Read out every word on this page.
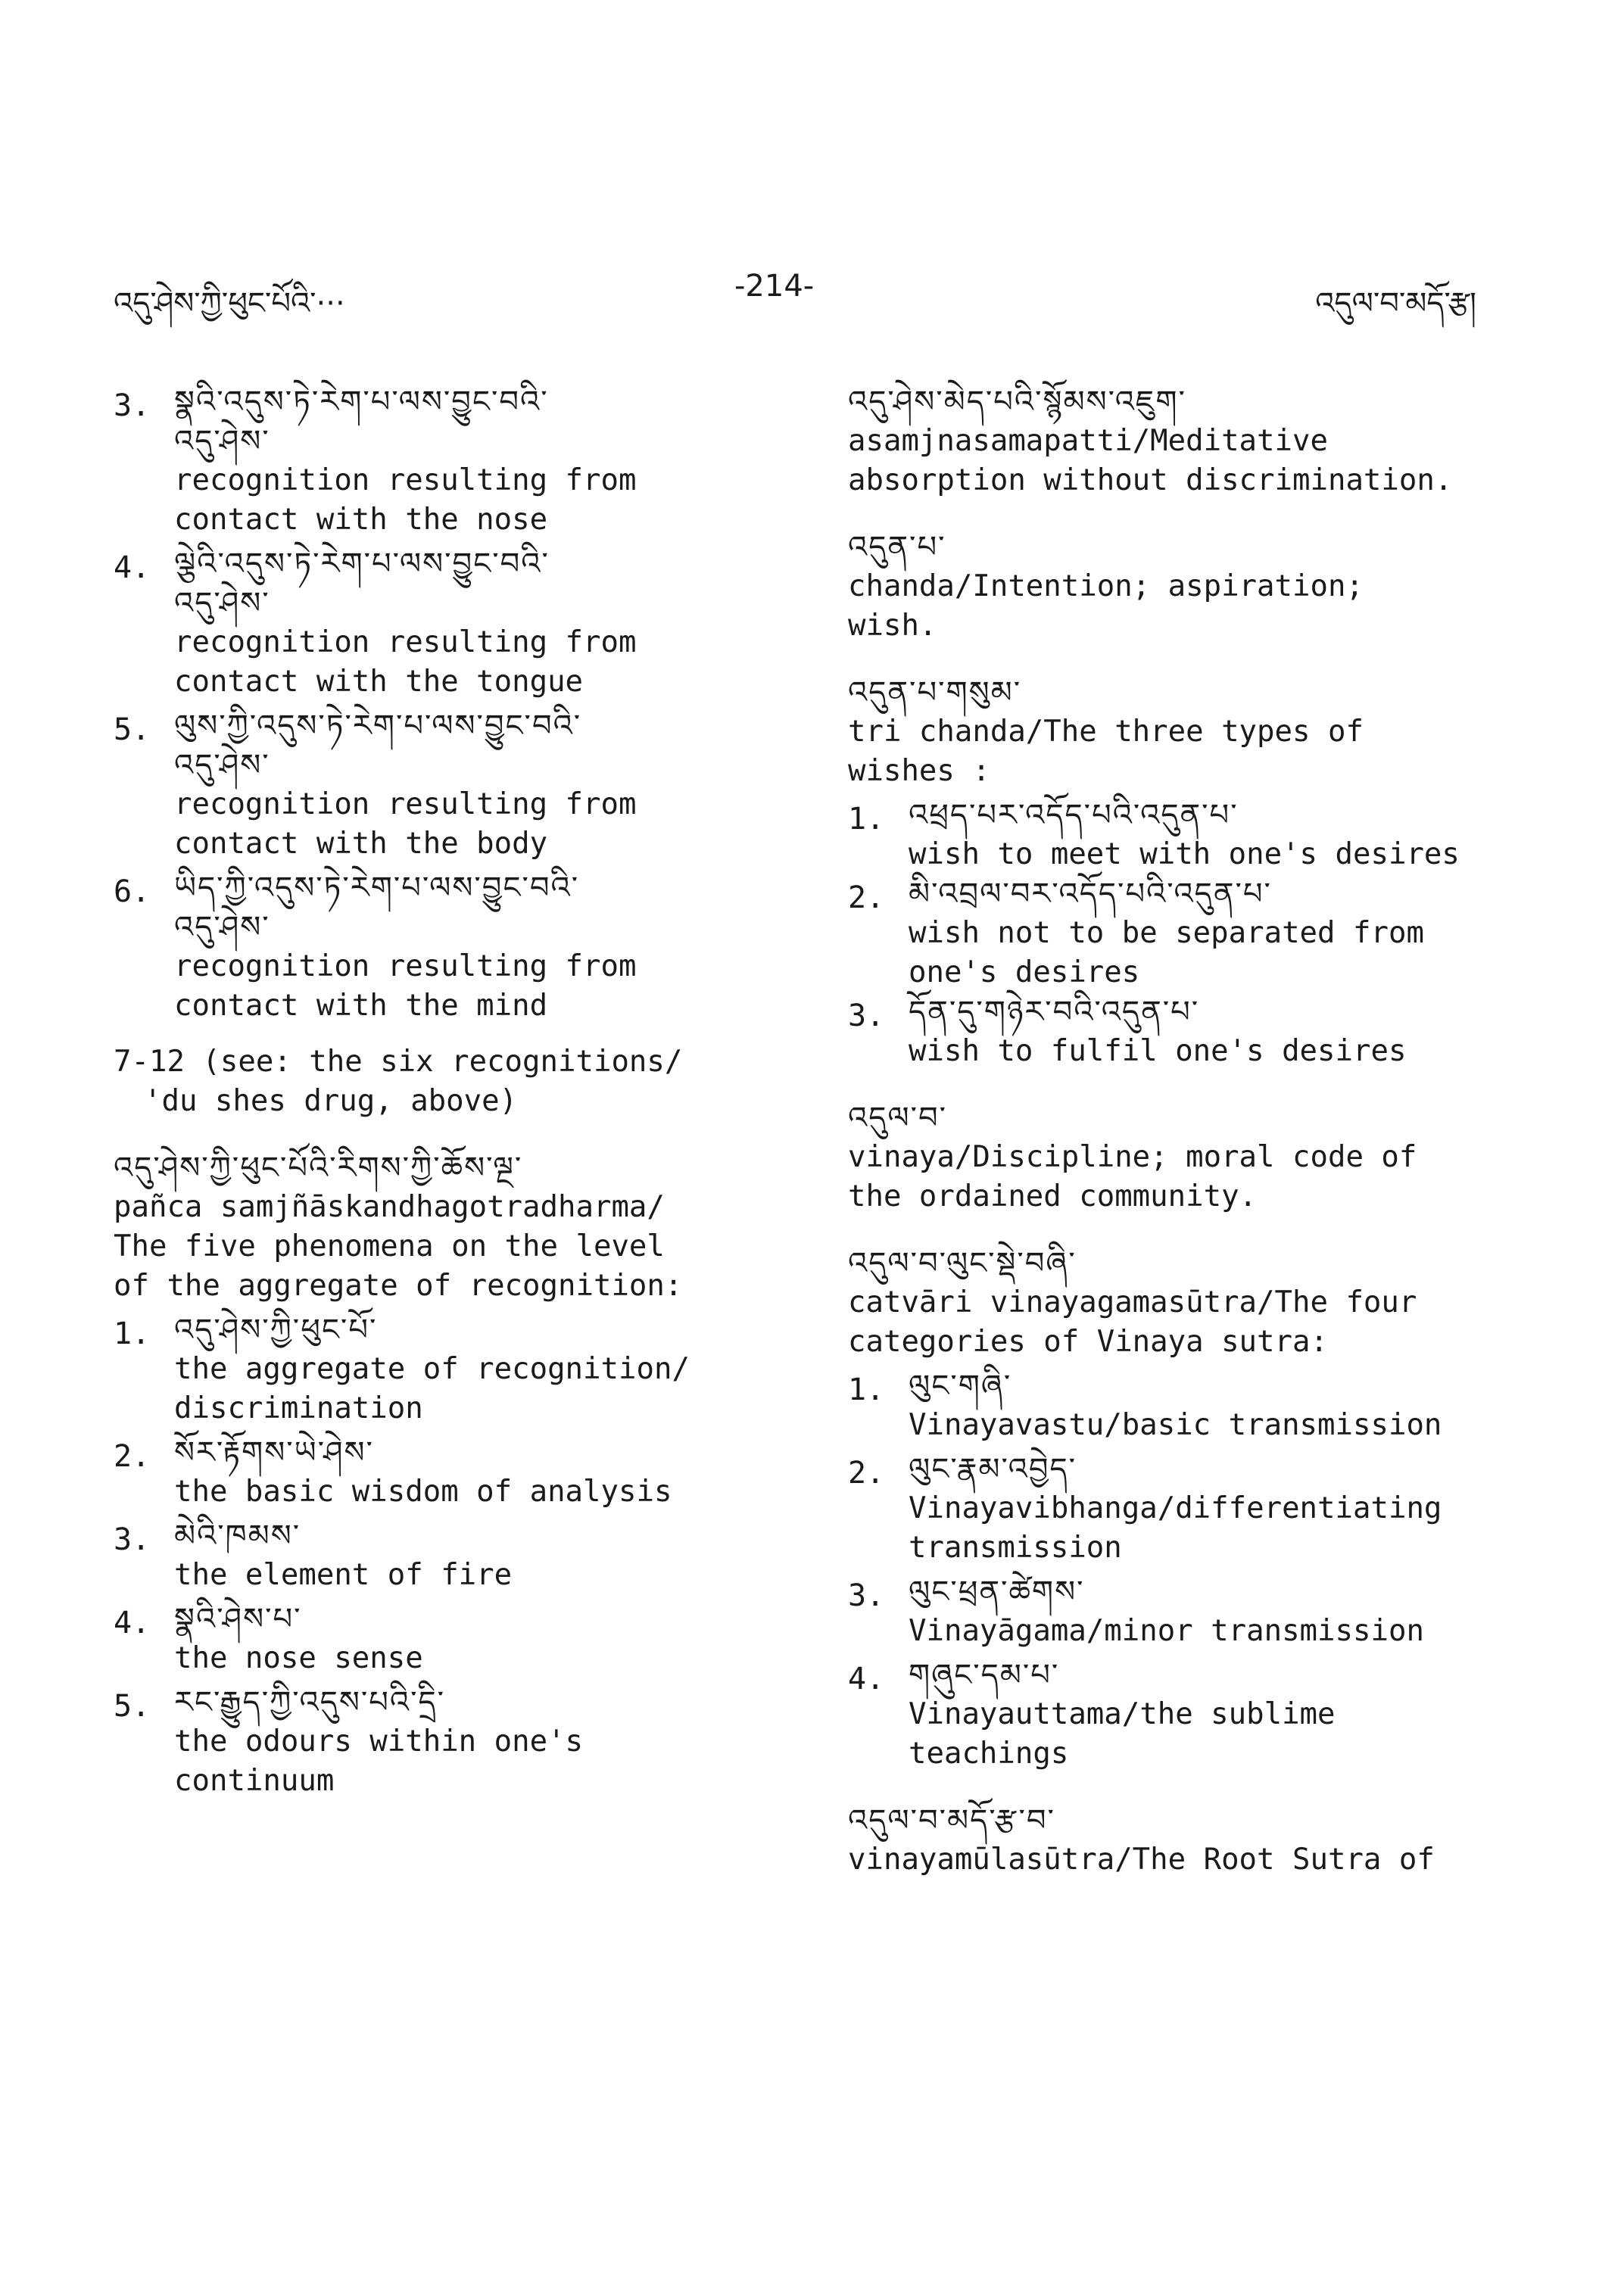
འདུ་ཤེས་ཀྱི་ཕུང་པོའི་···	-214-	འདུལ་བ་མདོ་རྩ།
3. སྣའི་འདུས་ཏེ་རེག་པ་ལས་བྱུང་བའི་
འདུ་ཤེས་
recognition resulting from
contact with the nose
4. ལྕེའི་འདུས་ཏེ་རེག་པ་ལས་བྱུང་བའི་
འདུ་ཤེས་
recognition resulting from
contact with the tongue
5. ལུས་ཀྱི་འདུས་ཏེ་རེག་པ་ལས་བྱུང་བའི་
འདུ་ཤེས་
recognition resulting from
contact with the body
6. ཡིད་ཀྱི་འདུས་ཏེ་རེག་པ་ལས་བྱུང་བའི་
འདུ་ཤེས་
recognition resulting from
contact with the mind
7-12 (see: the six recognitions/
'du shes drug, above)
འདུ་ཤེས་ཀྱི་ཕུང་པོའི་རིགས་ཀྱི་ཆོས་ལྔ་
pañca samjñāskandhagotradharma/
The five phenomena on the level
of the aggregate of recognition:
1. འདུ་ཤེས་ཀྱི་ཕུང་པོ་
the aggregate of recognition/
discrimination
2. སོར་རྟོགས་ཡེ་ཤེས་
the basic wisdom of analysis
3. མེའི་ཁམས་
the element of fire
4. སྣའི་ཤེས་པ་
the nose sense
5. རང་རྒྱུད་ཀྱི་འདུས་པའི་དྲི་
the odours within one's
continuum
འདུ་ཤེས་མེད་པའི་སྙོམས་འཇུག་
asamjnasamapatti/Meditative
absorption without discrimination.
འདུན་པ་
chanda/Intention; aspiration;
wish.
འདུན་པ་གསུམ་
tri chanda/The three types of
wishes :
1. འཕྲད་པར་འདོད་པའི་འདུན་པ་
wish to meet with one's desires
2. མི་འབྲལ་བར་འདོད་པའི་འདུན་པ་
wish not to be separated from
one's desires
3. དོན་དུ་གཉེར་བའི་འདུན་པ་
wish to fulfil one's desires
འདུལ་བ་
vinaya/Discipline; moral code of
the ordained community.
འདུལ་བ་ལུང་སྡེ་བཞི་
catvāri vinayagamasūtra/The four
categories of Vinaya sutra:
1. ལུང་གཞི་
Vinayavastu/basic transmission
2. ལུང་རྣམ་འབྱེད་
Vinayavibhanga/differentiating
transmission
3. ལུང་ཕྲན་ཚེགས་
Vinayāgama/minor transmission
4. གཞུང་དམ་པ་
Vinayauttama/the sublime
teachings
འདུལ་བ་མདོ་རྩ་བ་
vinayamūlasūtra/The Root Sutra of
